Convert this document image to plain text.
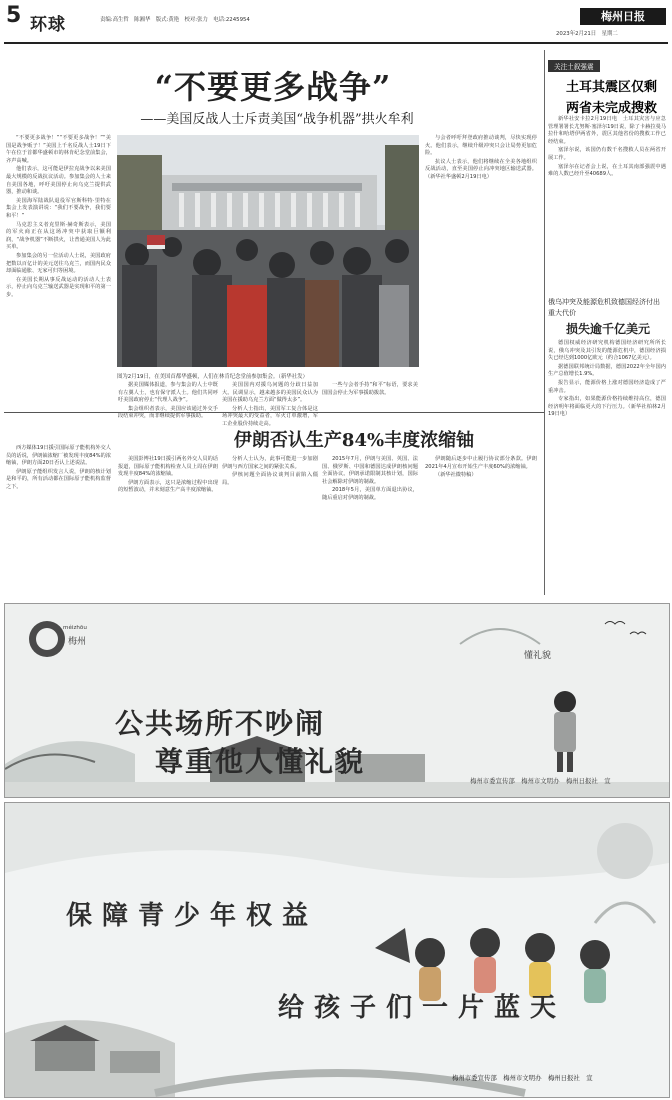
5 环球	责编:高生哲　陈湘华　版式:黄艳　校对:张力　电话:2245954	梅州日报
2023年2月21日　星期二
“不要更多战争”
——美国反战人士斥责美国“战争机器”拱火牟利

“不要更多战争！”“不要更多战争！”“美国是战争贩子！”美国上千名反战人士19日下午在位于首都华盛顿市的林肯纪念堂前集会，齐声高喊。

他们表示，这可能是伊拉克战争以来美国最大规模的反战抗议活动。参加集会的人士来自美国各地，呼吁美国停止向乌克兰提供武器，推动和谈。

美国海军陆战队退役军官斯科特·里特在集会上发表演讲说：“我们不要战争，我们要和平！”

马克思主义者克里斯·赫奇斯表示，美国的军火商正在从这场冲突中获取巨额利润，“战争机器”不断拱火，让普通美国人为此买单。

参加集会的另一位活动人士说，美国政府把数以百亿计的美元送往乌克兰，而国内民众却面临通胀、无家可归等困境。

在美国长期从事反战运动的活动人士表示，停止向乌克兰输送武器是实现和平的第一步。

图为2月19日，在美国首都华盛顿，人们在林肯纪念堂前参加集会。（新华社发）

据美国媒体报道，参与集会的人士中既有左翼人士，也有保守派人士。他们共同呼吁美国政府停止“代理人战争”。

集会组织者表示，美国应该通过外交手段结束冲突，而非继续提供军事援助。

美国国内对援乌问题的分歧日益加大。民调显示，越来越多的美国民众认为美国在援助乌克兰方面“做得太多”。

分析人士指出，美国军工复合体是这场冲突最大的受益者，军火订单激增，军工企业股价持续走高。

一些与会者手持“和平”标语，要求美国国会停止为军事援助拨款。

与会者呼吁拜登政府推动谈判，尽快实现停火。他们表示，继续升级冲突只会让局势更加危险。

抗议人士表示，他们将继续在全美各地组织反战活动，直至美国停止向冲突地区输送武器。（新华社华盛顿2月19日电）

关注土叙强震
土耳其震区仅剩
两省未完成搜救

新华社安卡拉2月19日电　土耳其灾害与应急管理署署长尤努斯·塞泽尔19日说，除了卡赫拉曼马拉什和哈塔伊两省外，震区其他省份的搜救工作已经结束。

塞泽尔说，该国仍有数千名搜救人员在两省开展工作。

塞泽尔在记者会上说，在土耳其南部强震中遇难的人数已经升至40689人。

俄乌冲突及能源危机致德国经济付出重大代价
损失逾千亿美元

德国权威经济研究机构德国经济研究所所长说，俄乌冲突及其引发的能源危机中，德国经济损失已经达到1000亿欧元（约合1067亿美元）。

据德国联邦统计局数据，德国2022年全年国内生产总值增长1.9%。

报告显示，能源价格上涨对德国经济造成了严重冲击。

专家指出，如果能源价格持续维持高位，德国经济明年将面临更大的下行压力。（新华社柏林2月19日电）

伊朗否认生产84%丰度浓缩铀

西方媒体19日援引国际原子能机构外交人员的话说，伊朗铀浓缩厂被发现丰度84%的浓缩铀，伊朗方面20日否认上述说法。

伊朗原子能组织发言人说，伊朗的核计划是和平的，所有活动都在国际原子能机构监督之下。

美国彭博社19日援引两名外交人员的话报道，国际原子能机构检查人员上周在伊朗发现丰度84%的浓缩铀。

伊朗方面表示，这只是浓缩过程中出现的短暂波动，并未刻意生产高丰度浓缩铀。

分析人士认为，此事可能进一步加剧伊朗与西方国家之间的紧张关系。

伊核问题全面协议谈判目前陷入僵局。

2015年7月，伊朗与美国、英国、法国、俄罗斯、中国和德国达成伊朗核问题全面协议。伊朗承诺限制其核计划，国际社会解除对伊朗的制裁。

2018年5月，美国单方面退出协议，随后重启对伊朗的制裁。

伊朗随后逐步中止履行协议部分条款。伊朗2021年4月宣布开始生产丰度60%的浓缩铀。

（新华社微特稿）

méizhōu
梅州
公共场所不吵闹
尊重他人懂礼貌
懂礼貌
梅州市委宣传部　梅州市文明办　梅州日报社　宣
保障青少年权益
给孩子们一片蓝天
梅州市委宣传部　梅州市文明办　梅州日报社　宣
